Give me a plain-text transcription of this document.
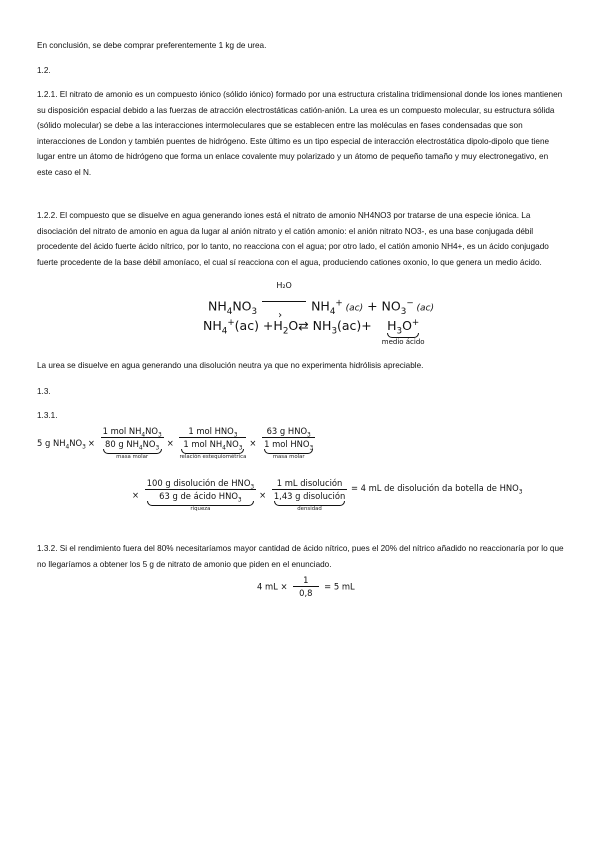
En conclusión, se debe comprar preferentemente 1 kg de urea.
1.2.
1.2.1. El nitrato de amonio es un compuesto iónico (sólido iónico) formado por una estructura cristalina tridimensional donde los iones mantienen su disposición espacial debido a las fuerzas de atracción electrostáticas catión-anión. La urea es un compuesto molecular, su estructura sólida (sólido molecular) se debe a las interacciones intermoleculares que se establecen entre las moléculas en fases condensadas que son interacciones de London y también puentes de hidrógeno. Este último es un tipo especial de interacción electrostática dipolo-dipolo que tiene lugar entre un átomo de hidrógeno que forma un enlace covalente muy polarizado y un átomo de pequeño tamaño y muy electronegativo, en este caso el N.
1.2.2. El compuesto que se disuelve en agua generando iones está el nitrato de amonio NH4NO3 por tratarse de una especie iónica. La disociación del nitrato de amonio en agua da lugar al anión nitrato y el catión amonio: el anión nitrato NO3-, es una base conjugada débil procedente del ácido fuerte ácido nítrico, por lo tanto, no reacciona con el agua; por otro lado, el catión amonio NH4+, es un ácido conjugado fuerte procedente de la base débil amoníaco, el cual sí reacciona con el agua, produciendo cationes oxonio, lo que genera un medio ácido.
$NH_4NO_3$
H₂O
› $NH_4^+$ $(ac) + NO_3^-$ (ac)
$NH_4^+(ac)$ $+H_2O⇄$ $NH_3(ac)+ H_3O^+$
medio ácido
La urea se disuelve en agua generando una disolución neutra ya que no experimenta hidrólisis apreciable.
1.3.
1.3.1.
5 g $NH_4NO_3$ ×
1 mol $NH_4NO_3$
80 g $NH_4NO_3$
masa molar
×
1 mol $HNO_3$
1 mol $NH_4NO_3$
relación estequiométrica
×
63 g $HNO_3$
1 mol $HNO_3$
masa molar
×
100 g disolución de $HNO_3$
63 g de ácido $HNO_3$
riqueza
×
1 mL disolución
1,43 g disolución
densidad
= 4 mL de disolución da botella de $HNO_3$
1.3.2. Si el rendimiento fuera del 80% necesitaríamos mayor cantidad de ácido nítrico, pues el 20% del nítrico añadido no reaccionaría por lo que no llegaríamos a obtener los 5 g de nitrato de amonio que piden en el enunciado.
4 mL × $\frac{1}{0,8} = 5$ mL
